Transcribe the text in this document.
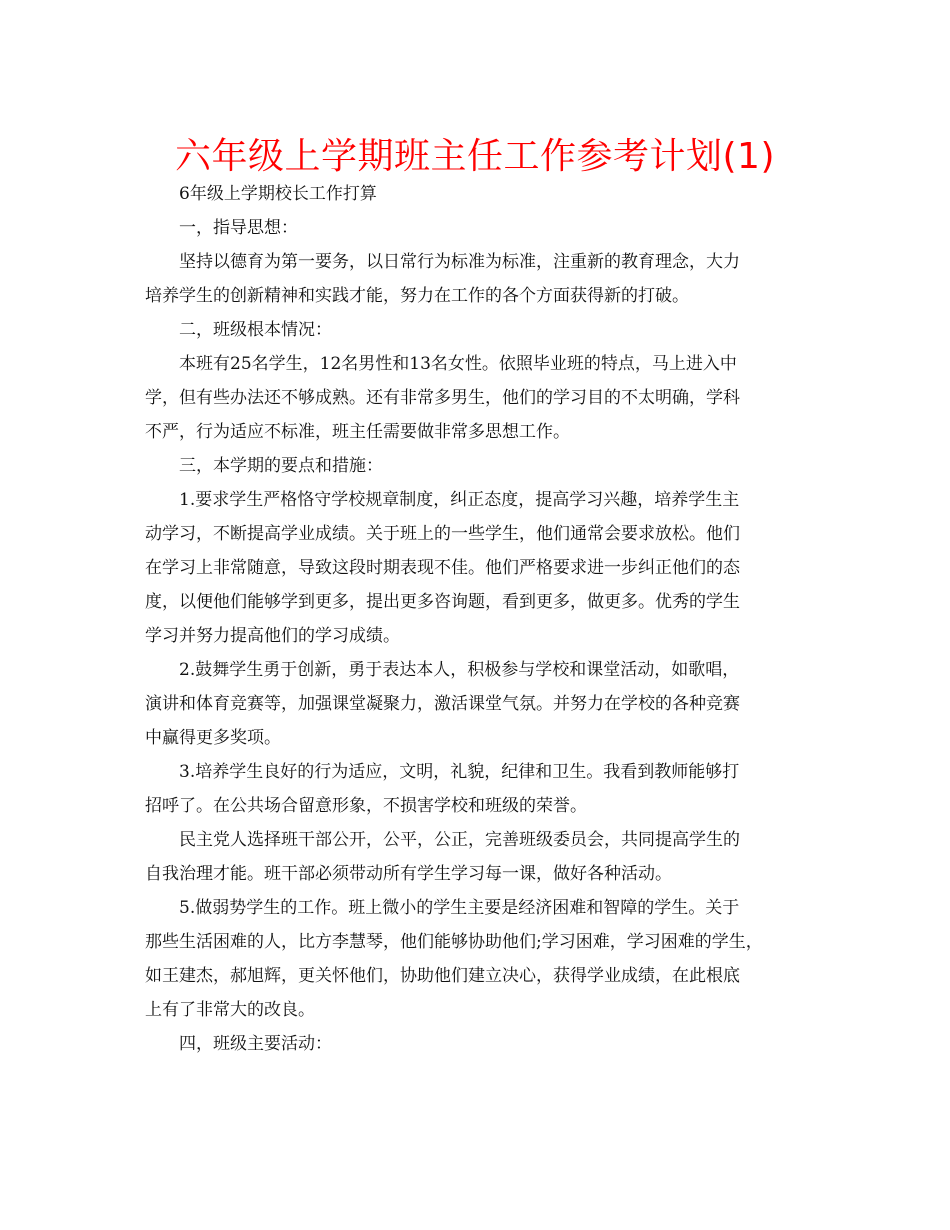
六年级上学期班主任工作参考计划(1)
6年级上学期校长工作打算
一，指导思想：
坚持以德育为第一要务，以日常行为标准为标准，注重新的教育理念，大力
培养学生的创新精神和实践才能，努力在工作的各个方面获得新的打破。
二，班级根本情况：
本班有25名学生，12名男性和13名女性。依照毕业班的特点，马上进入中
学，但有些办法还不够成熟。还有非常多男生，他们的学习目的不太明确，学科
不严，行为适应不标准，班主任需要做非常多思想工作。
三，本学期的要点和措施：
1.要求学生严格恪守学校规章制度，纠正态度，提高学习兴趣，培养学生主
动学习，不断提高学业成绩。关于班上的一些学生，他们通常会要求放松。他们
在学习上非常随意，导致这段时期表现不佳。他们严格要求进一步纠正他们的态
度，以便他们能够学到更多，提出更多咨询题，看到更多，做更多。优秀的学生
学习并努力提高他们的学习成绩。
2.鼓舞学生勇于创新，勇于表达本人，积极参与学校和课堂活动，如歌唱，
演讲和体育竞赛等，加强课堂凝聚力，激活课堂气氛。并努力在学校的各种竞赛
中赢得更多奖项。
3.培养学生良好的行为适应，文明，礼貌，纪律和卫生。我看到教师能够打
招呼了。在公共场合留意形象，不损害学校和班级的荣誉。
民主党人选择班干部公开，公平，公正，完善班级委员会，共同提高学生的
自我治理才能。班干部必须带动所有学生学习每一课，做好各种活动。
5.做弱势学生的工作。班上微小的学生主要是经济困难和智障的学生。关于
那些生活困难的人，比方李慧琴，他们能够协助他们;学习困难，学习困难的学生，
如王建杰，郝旭辉，更关怀他们，协助他们建立决心，获得学业成绩，在此根底
上有了非常大的改良。
四，班级主要活动：
